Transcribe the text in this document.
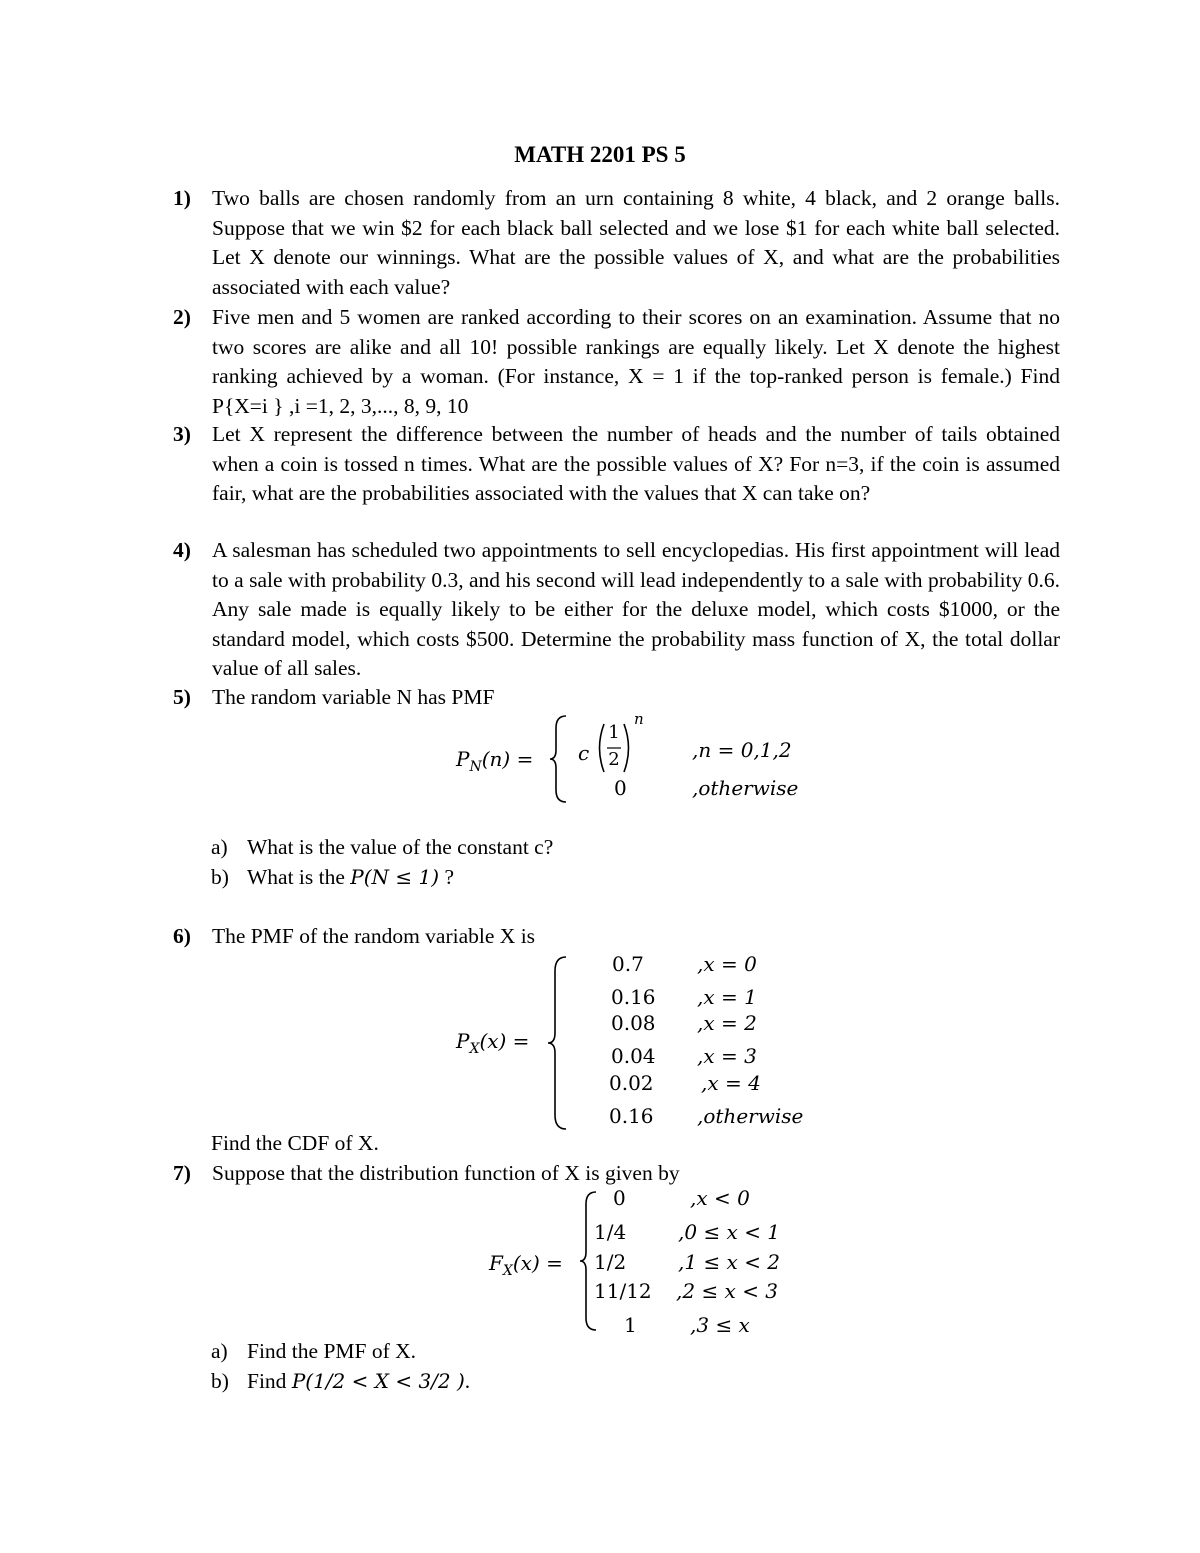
MATH 2201 PS 5
1) Two balls are chosen randomly from an urn containing 8 white, 4 black, and 2 orange balls. Suppose that we win $2 for each black ball selected and we lose $1 for each white ball selected. Let X denote our winnings. What are the possible values of X, and what are the probabilities associated with each value?
2) Five men and 5 women are ranked according to their scores on an examination. Assume that no two scores are alike and all 10! possible rankings are equally likely. Let X denote the highest ranking achieved by a woman. (For instance, X = 1 if the top-ranked person is female.) Find P{X=i } ,i =1, 2, 3,..., 8, 9, 10
3) Let X represent the difference between the number of heads and the number of tails obtained when a coin is tossed n times. What are the possible values of X? For n=3, if the coin is assumed fair, what are the probabilities associated with the values that X can take on?
4) A salesman has scheduled two appointments to sell encyclopedias. His first appointment will lead to a sale with probability 0.3, and his second will lead independently to a sale with probability 0.6. Any sale made is equally likely to be either for the deluxe model, which costs $1000, or the standard model, which costs $500. Determine the probability mass function of X, the total dollar value of all sales.
5) The random variable N has PMF
$P_N(n) = c$
1
2
n
,n = 0,1,2
0	,otherwise
a) What is the value of the constant c?
b) What is the P(N ≤ 1) ?
6) The PMF of the random variable X is
$P_X(x)$ =
0.7	,x = 0
0.16 ,x = 1
0.08 ,x = 2
0.04 ,x = 3
0.02 ,x = 4
0.16 ,otherwise
Find the CDF of X.
7) Suppose that the distribution function of X is given by
$F_X(x)$ =
0	,x < 0
1/4	,0 ≤ x < 1
1/2	,1 ≤ x < 2
11/12 ,2 ≤ x < 3
1	,3 ≤ x
a) Find the PMF of X.
b) Find P(1/2 < X < 3/2 ).
